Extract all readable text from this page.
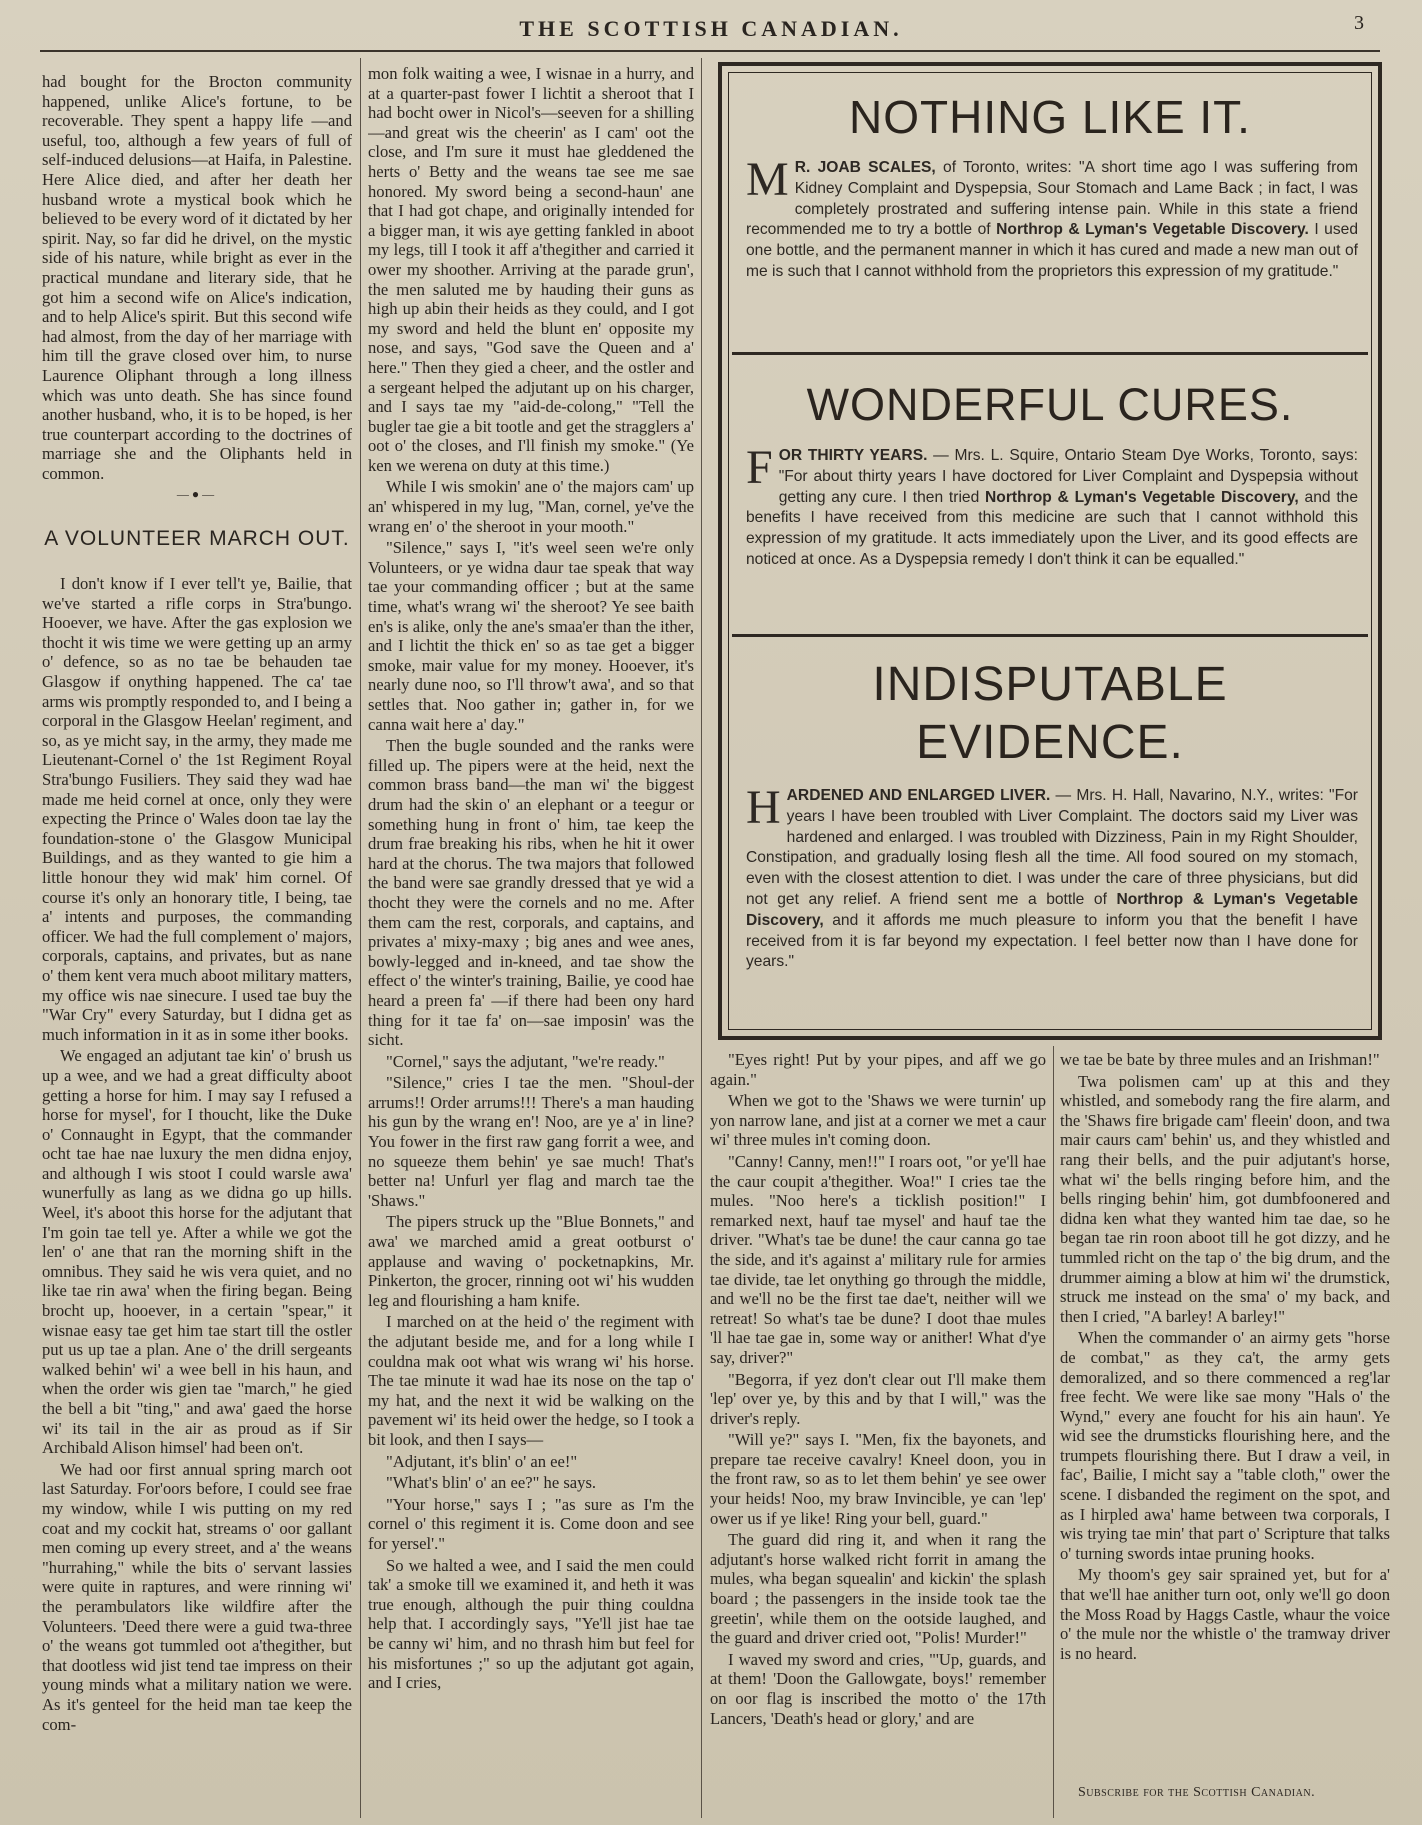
THE SCOTTISH CANADIAN.	3

had bought for the Brocton community happened, unlike Alice's fortune, to be recoverable. They spent a happy life —and useful, too, although a few years of full of self-induced delusions—at Haifa, in Palestine. Here Alice died, and after her death her husband wrote a mystical book which he believed to be every word of it dictated by her spirit. Nay, so far did he drivel, on the mystic side of his nature, while bright as ever in the practical mundane and literary side, that he got him a second wife on Alice's indication, and to help Alice's spirit. But this second wife had almost, from the day of her marriage with him till the grave closed over him, to nurse Laurence Oliphant through a long illness which was unto death. She has since found another husband, who, it is to be hoped, is her true counterpart according to the doctrines of marriage she and the Oliphants held in common.

—●—
A VOLUNTEER MARCH OUT.

I don't know if I ever tell't ye, Bailie, that we've started a rifle corps in Stra'bungo. Hooever, we have. After the gas explosion we thocht it wis time we were getting up an army o' defence, so as no tae be behauden tae Glasgow if onything happened. The ca' tae arms wis promptly responded to, and I being a corporal in the Glasgow Heelan' regiment, and so, as ye micht say, in the army, they made me Lieutenant-Cornel o' the 1st Regiment Royal Stra'bungo Fusiliers. They said they wad hae made me heid cornel at once, only they were expecting the Prince o' Wales doon tae lay the foundation-stone o' the Glasgow Municipal Buildings, and as they wanted to gie him a little honour they wid mak' him cornel. Of course it's only an honorary title, I being, tae a' intents and purposes, the commanding officer. We had the full complement o' majors, corporals, captains, and privates, but as nane o' them kent vera much aboot military matters, my office wis nae sinecure. I used tae buy the "War Cry" every Saturday, but I didna get as much information in it as in some ither books.

We engaged an adjutant tae kin' o' brush us up a wee, and we had a great difficulty aboot getting a horse for him. I may say I refused a horse for mysel', for I thoucht, like the Duke o' Connaught in Egypt, that the commander ocht tae hae nae luxury the men didna enjoy, and although I wis stoot I could warsle awa' wunerfully as lang as we didna go up hills. Weel, it's aboot this horse for the adjutant that I'm goin tae tell ye. After a while we got the len' o' ane that ran the morning shift in the omnibus. They said he wis vera quiet, and no like tae rin awa' when the firing began. Being brocht up, hooever, in a certain "spear," it wisnae easy tae get him tae start till the ostler put us up tae a plan. Ane o' the drill sergeants walked behin' wi' a wee bell in his haun, and when the order wis gien tae "march," he gied the bell a bit "ting," and awa' gaed the horse wi' its tail in the air as proud as if Sir Archibald Alison himsel' had been on't.

We had oor first annual spring march oot last Saturday. For'oors before, I could see frae my window, while I wis putting on my red coat and my cockit hat, streams o' oor gallant men coming up every street, and a' the weans "hurrahing," while the bits o' servant lassies were quite in raptures, and were rinning wi' the perambulators like wildfire after the Volunteers. 'Deed there were a guid twa-three o' the weans got tummled oot a'thegither, but that dootless wid jist tend tae impress on their young minds what a military nation we were. As it's genteel for the heid man tae keep the com-

mon folk waiting a wee, I wisnae in a hurry, and at a quarter-past fower I lichtit a sheroot that I had bocht ower in Nicol's—seeven for a shilling—and great wis the cheerin' as I cam' oot the close, and I'm sure it must hae gleddened the herts o' Betty and the weans tae see me sae honored. My sword being a second-haun' ane that I had got chape, and originally intended for a bigger man, it wis aye getting fankled in aboot my legs, till I took it aff a'thegither and carried it ower my shoother. Arriving at the parade grun', the men saluted me by hauding their guns as high up abin their heids as they could, and I got my sword and held the blunt en' opposite my nose, and says, "God save the Queen and a' here." Then they gied a cheer, and the ostler and a sergeant helped the adjutant up on his charger, and I says tae my "aid-de-colong," "Tell the bugler tae gie a bit tootle and get the stragglers a' oot o' the closes, and I'll finish my smoke." (Ye ken we werena on duty at this time.)

While I wis smokin' ane o' the majors cam' up an' whispered in my lug, "Man, cornel, ye've the wrang en' o' the sheroot in your mooth."

"Silence," says I, "it's weel seen we're only Volunteers, or ye widna daur tae speak that way tae your commanding officer ; but at the same time, what's wrang wi' the sheroot? Ye see baith en's is alike, only the ane's smaa'er than the ither, and I lichtit the thick en' so as tae get a bigger smoke, mair value for my money. Hooever, it's nearly dune noo, so I'll throw't awa', and so that settles that. Noo gather in; gather in, for we canna wait here a' day."

Then the bugle sounded and the ranks were filled up. The pipers were at the heid, next the common brass band—the man wi' the biggest drum had the skin o' an elephant or a teegur or something hung in front o' him, tae keep the drum frae breaking his ribs, when he hit it ower hard at the chorus. The twa majors that followed the band were sae grandly dressed that ye wid a thocht they were the cornels and no me. After them cam the rest, corporals, and captains, and privates a' mixy-maxy ; big anes and wee anes, bowly-legged and in-kneed, and tae show the effect o' the winter's training, Bailie, ye cood hae heard a preen fa' —if there had been ony hard thing for it tae fa' on—sae imposin' was the sicht.

"Cornel," says the adjutant, "we're ready."

"Silence," cries I tae the men. "Shoul-der arrums!! Order arrums!!! There's a man hauding his gun by the wrang en'! Noo, are ye a' in line? You fower in the first raw gang forrit a wee, and no squeeze them behin' ye sae much! That's better na! Unfurl yer flag and march tae the 'Shaws."

The pipers struck up the "Blue Bonnets," and awa' we marched amid a great ootburst o' applause and waving o' pocketnapkins, Mr. Pinkerton, the grocer, rinning oot wi' his wudden leg and flourishing a ham knife.

I marched on at the heid o' the regiment with the adjutant beside me, and for a long while I couldna mak oot what wis wrang wi' his horse. The tae minute it wad hae its nose on the tap o' my hat, and the next it wid be walking on the pavement wi' its heid ower the hedge, so I took a bit look, and then I says—

"Adjutant, it's blin' o' an ee!"

"What's blin' o' an ee?" he says.

"Your horse," says I ; "as sure as I'm the cornel o' this regiment it is. Come doon and see for yersel'."

So we halted a wee, and I said the men could tak' a smoke till we examined it, and heth it was true enough, although the puir thing couldna help that. I accordingly says, "Ye'll jist hae tae be canny wi' him, and no thrash him but feel for his misfortunes ;" so up the adjutant got again, and I cries,

NOTHING LIKE IT.
M R. JOAB SCALES, of Toronto, writes: "A short time ago I was suffering from Kidney Complaint and Dyspepsia, Sour Stomach and Lame Back ; in fact, I was completely prostrated and suffering intense pain. While in this state a friend recommended me to try a bottle of Northrop & Lyman's Vegetable Discovery. I used one bottle, and the permanent manner in which it has cured and made a new man out of me is such that I cannot withhold from the proprietors this expression of my gratitude."
WONDERFUL CURES.
FOR THIRTY YEARS. — Mrs. L. Squire, Ontario Steam Dye Works, Toronto, says: "For about thirty years I have doctored for Liver Complaint and Dyspepsia without getting any cure. I then tried Northrop & Lyman's Vegetable Discovery, and the benefits I have received from this medicine are such that I cannot withhold this expression of my gratitude. It acts immediately upon the Liver, and its good effects are noticed at once. As a Dyspepsia remedy I don't think it can be equalled."
INDISPUTABLE
EVIDENCE.
HARDENED AND ENLARGED LIVER. — Mrs. H. Hall, Navarino, N.Y., writes: "For years I have been troubled with Liver Complaint. The doctors said my Liver was hardened and enlarged. I was troubled with Dizziness, Pain in my Right Shoulder, Constipation, and gradually losing flesh all the time. All food soured on my stomach, even with the closest attention to diet. I was under the care of three physicians, but did not get any relief. A friend sent me a bottle of Northrop & Lyman's Vegetable Discovery, and it affords me much pleasure to inform you that the benefit I have received from it is far beyond my expectation. I feel better now than I have done for years."

"Eyes right! Put by your pipes, and aff we go again."

When we got to the 'Shaws we were turnin' up yon narrow lane, and jist at a corner we met a caur wi' three mules in't coming doon.

"Canny! Canny, men!!" I roars oot, "or ye'll hae the caur coupit a'thegither. Woa!" I cries tae the mules. "Noo here's a ticklish position!" I remarked next, hauf tae mysel' and hauf tae the driver. "What's tae be dune! the caur canna go tae the side, and it's against a' military rule for armies tae divide, tae let onything go through the middle, and we'll no be the first tae dae't, neither will we retreat! So what's tae be dune? I doot thae mules 'll hae tae gae in, some way or anither! What d'ye say, driver?"

"Begorra, if yez don't clear out I'll make them 'lep' over ye, by this and by that I will," was the driver's reply.

"Will ye?" says I. "Men, fix the bayonets, and prepare tae receive cavalry! Kneel doon, you in the front raw, so as to let them behin' ye see ower your heids! Noo, my braw Invincible, ye can 'lep' ower us if ye like! Ring your bell, guard."

The guard did ring it, and when it rang the adjutant's horse walked richt forrit in amang the mules, wha began squealin' and kickin' the splash board ; the passengers in the inside took tae the greetin', while them on the ootside laughed, and the guard and driver cried oot, "Polis! Murder!"

I waved my sword and cries, "'Up, guards, and at them! 'Doon the Gallowgate, boys!' remember on oor flag is inscribed the motto o' the 17th Lancers, 'Death's head or glory,' and are

we tae be bate by three mules and an Irishman!"

Twa polismen cam' up at this and they whistled, and somebody rang the fire alarm, and the 'Shaws fire brigade cam' fleein' doon, and twa mair caurs cam' behin' us, and they whistled and rang their bells, and the puir adjutant's horse, what wi' the bells ringing before him, and the bells ringing behin' him, got dumbfoonered and didna ken what they wanted him tae dae, so he began tae rin roon aboot till he got dizzy, and he tummled richt on the tap o' the big drum, and the drummer aiming a blow at him wi' the drumstick, struck me instead on the sma' o' my back, and then I cried, "A barley! A barley!"

When the commander o' an airmy gets "horse de combat," as they ca't, the army gets demoralized, and so there commenced a reg'lar free fecht. We were like sae mony "Hals o' the Wynd," every ane foucht for his ain haun'. Ye wid see the drumsticks flourishing here, and the trumpets flourishing there. But I draw a veil, in fac', Bailie, I micht say a "table cloth," ower the scene. I disbanded the regiment on the spot, and as I hirpled awa' hame between twa corporals, I wis trying tae min' that part o' Scripture that talks o' turning swords intae pruning hooks.

My thoom's gey sair sprained yet, but for a' that we'll hae anither turn oot, only we'll go doon the Moss Road by Haggs Castle, whaur the voice o' the mule nor the whistle o' the tramway driver is no heard.

Subscribe for the Scottish Canadian.
